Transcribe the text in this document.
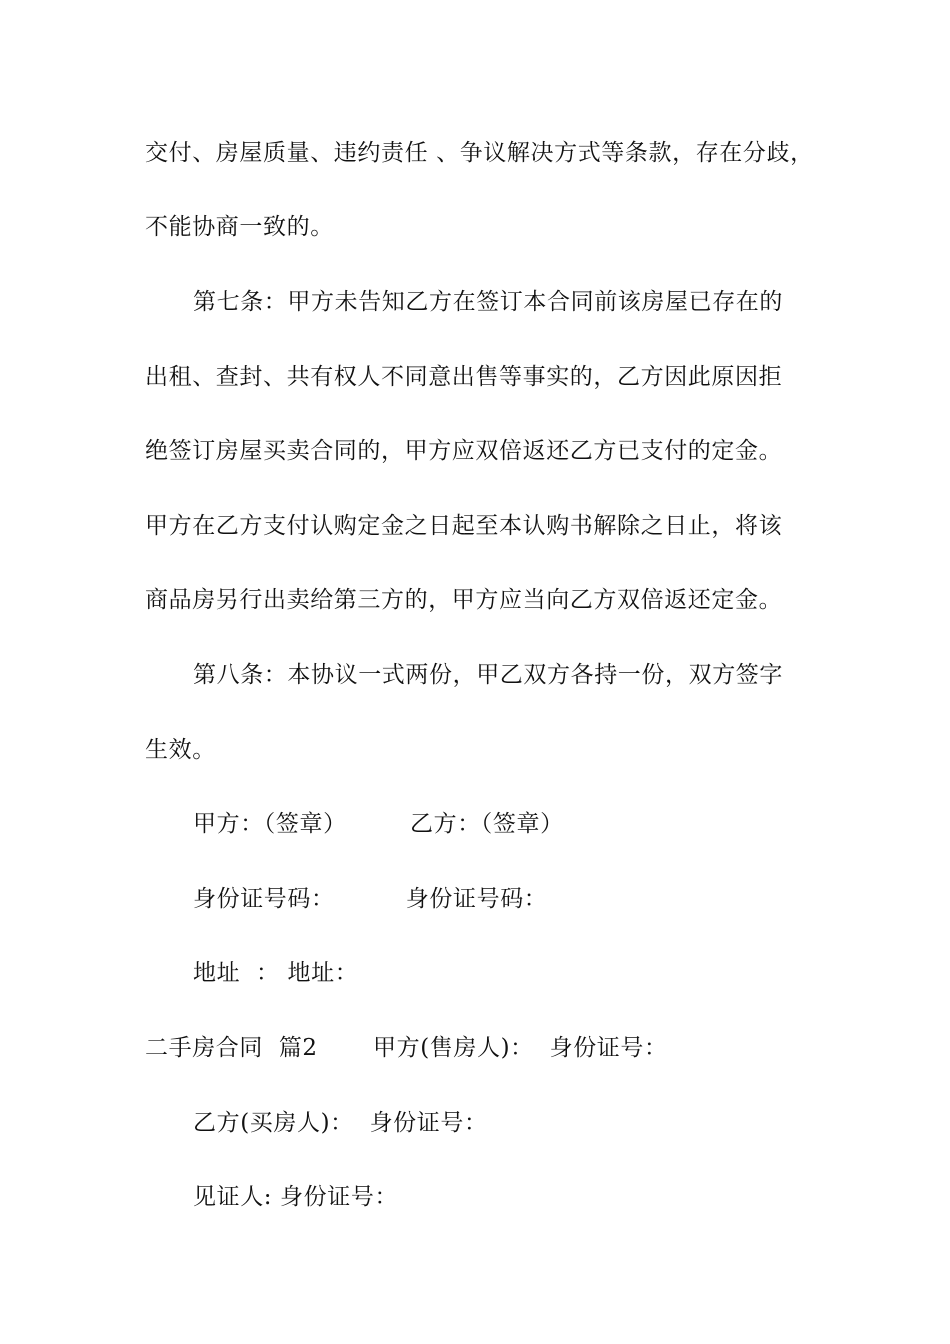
交付、房屋质量、违约责任 、争议解决方式等条款，存在分歧，
不能协商一致的。
第七条：甲方未告知乙方在签订本合同前该房屋已存在的
出租、查封、共有权人不同意出售等事实的，乙方因此原因拒
绝签订房屋买卖合同的，甲方应双倍返还乙方已支付的定金。
甲方在乙方支付认购定金之日起至本认购书解除之日止，将该
商品房另行出卖给第三方的，甲方应当向乙方双倍返还定金。
第八条：本协议一式两份，甲乙双方各持一份，双方签字
生效。
甲方：（签章）        乙方：（签章）
身份证号码：         身份证号码：
地址  ： 地址：
二手房合同  篇2       甲方(售房人)：  身份证号：
乙方(买房人)：  身份证号：
见证人: 身份证号：
